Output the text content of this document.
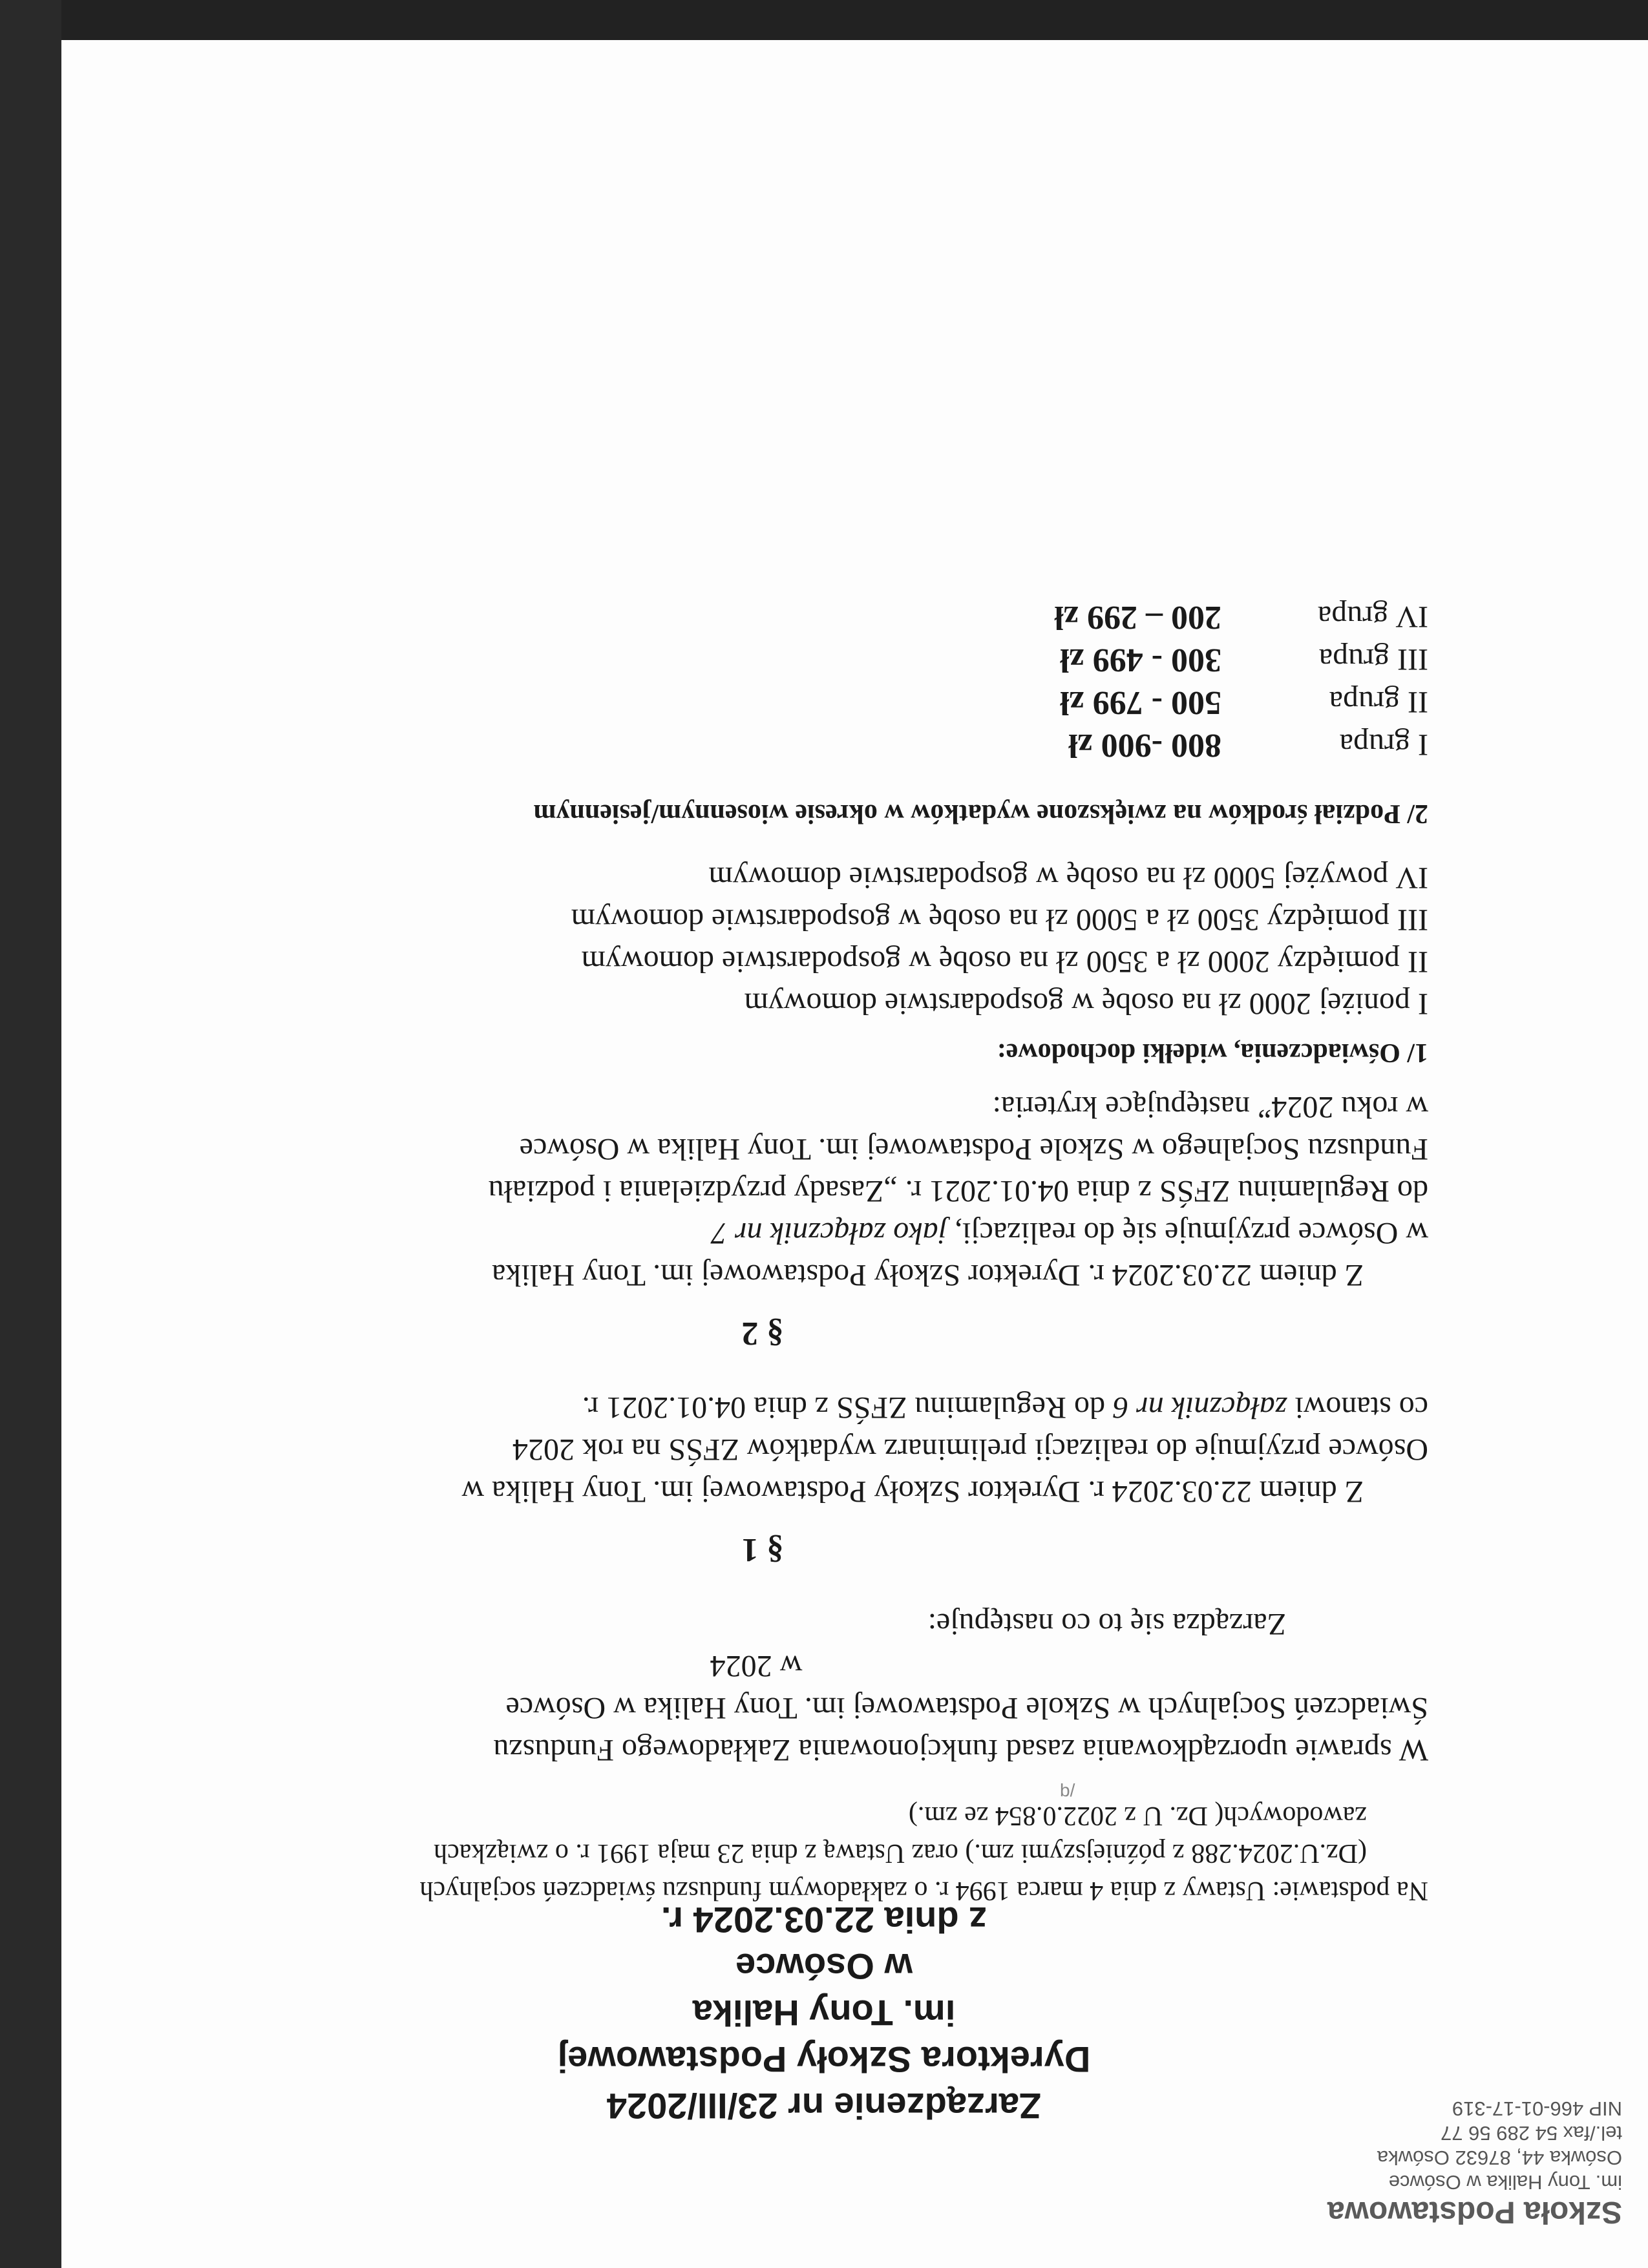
Szkoła Podstawowa
im. Tony Halika w Osówce
Osówka 44, 87632 Osówka
tel./fax 54 289 56 77
NIP 466-01-17-319
Zarządzenie nr 23/III/2024
Dyrektora Szkoły Podstawowej
im. Tony Halika
w Osówce
z dnia 22.03.2024 r.
Na podstawie: Ustawy z dnia 4 marca 1994 r. o zakładowym funduszu świadczeń socjalnych
(Dz.U.2024.288 z późniejszymi zm.) oraz Ustawą z dnia 23 maja 1991 r. o związkach
zawodowych( Dz. U z 2022.0.854 ze zm.)
W sprawie uporządkowania zasad funkcjonowania Zakładowego Funduszu
Świadczeń Socjalnych w Szkole Podstawowej im. Tony Halika w Osówce
w 2024
Zarządza się to co następuje:
§ 1
Z dniem 22.03.2024 r. Dyrektor Szkoły Podstawowej im. Tony Halika w
Osówce przyjmuje do realizacji preliminarz wydatków ZFŚS na rok 2024
co stanowi załącznik nr 6 do Regulaminu ZFŚS z dnia 04.01.2021 r.
§ 2
Z dniem 22.03.2024 r. Dyrektor Szkoły Podstawowej im. Tony Halika
w Osówce przyjmuje się do realizacji, jako załącznik nr 7
do Regulaminu ZFŚS z dnia 04.01.2021 r. „Zasady przydzielania i podziału
Funduszu Socjalnego w Szkole Podstawowej im. Tony Halika w Osówce
w roku 2024” następujące kryteria:
1/ Oświadczenia, widełki dochodowe:
I poniżej 2000 zł na osobę w gospodarstwie domowym
II pomiędzy 2000 zł a 3500 zł na osobę w gospodarstwie domowym
III pomiędzy 3500 zł a 5000 zł na osobę w gospodarstwie domowym
IV powyżej 5000 zł na osobę w gospodarstwie domowym
2/ Podział środków na zwiększone wydatków w okresie wiosennym/jesiennym
I grupa
800 -900 zł
II grupa
500 - 799 zł
III grupa
300 - 499 zł
IV grupa
200 – 299 zł
b/
